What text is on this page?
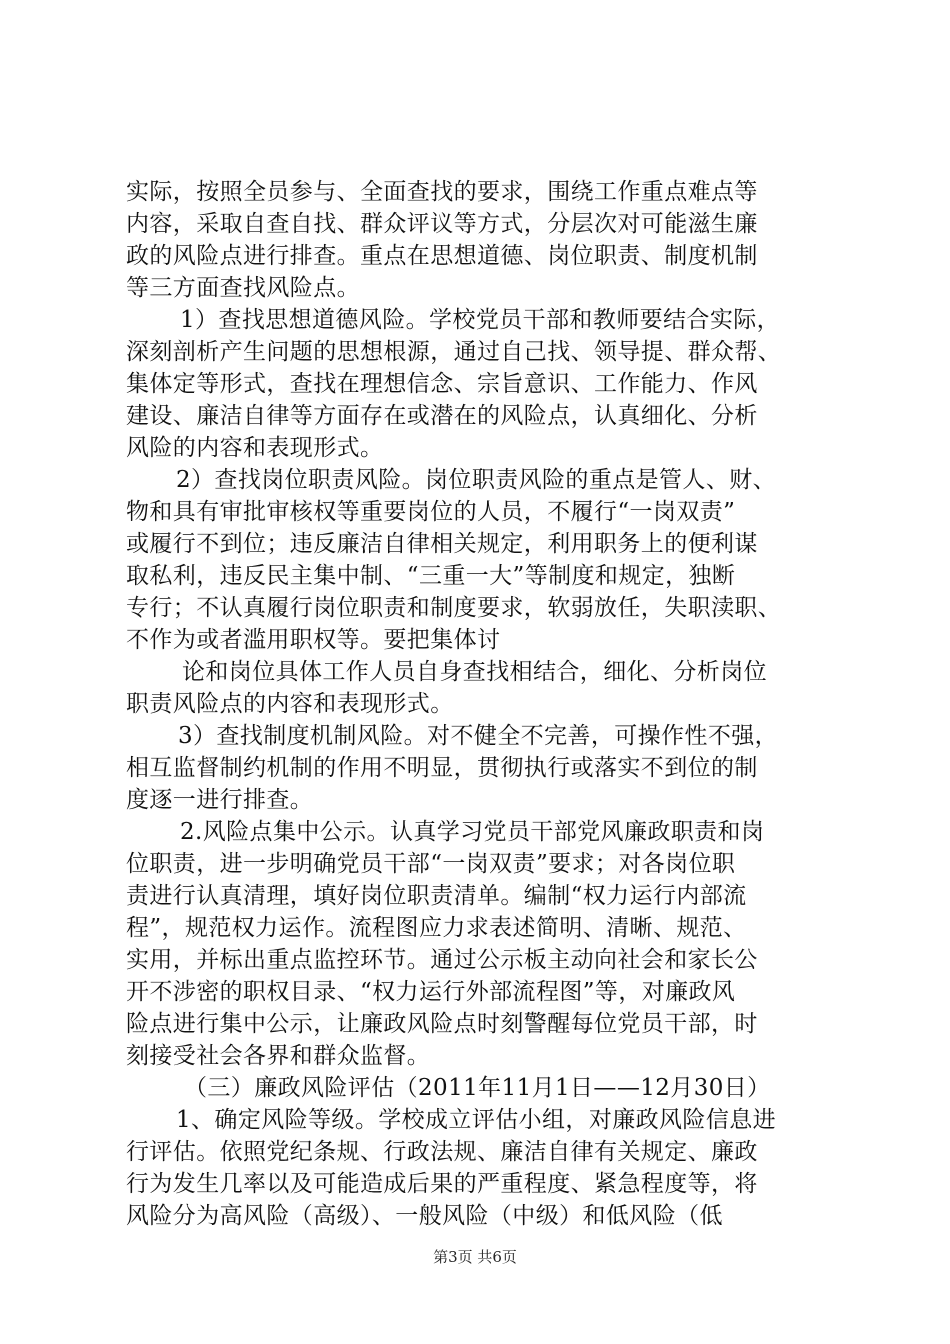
实际，按照全员参与、全面查找的要求，围绕工作重点难点等
内容，采取自查自找、群众评议等方式，分层次对可能滋生廉
政的风险点进行排查。重点在思想道德、岗位职责、制度机制
等三方面查找风险点。
1）查找思想道德风险。学校党员干部和教师要结合实际，
深刻剖析产生问题的思想根源，通过自己找、领导提、群众帮、
集体定等形式，查找在理想信念、宗旨意识、工作能力、作风
建设、廉洁自律等方面存在或潜在的风险点，认真细化、分析
风险的内容和表现形式。
2）查找岗位职责风险。岗位职责风险的重点是管人、财、
物和具有审批审核权等重要岗位的人员，不履行“一岗双责”
或履行不到位；违反廉洁自律相关规定，利用职务上的便利谋
取私利，违反民主集中制、“三重一大”等制度和规定，独断
专行；不认真履行岗位职责和制度要求，软弱放任，失职渎职、
不作为或者滥用职权等。要把集体讨
论和岗位具体工作人员自身查找相结合，细化、分析岗位
职责风险点的内容和表现形式。
3）查找制度机制风险。对不健全不完善，可操作性不强，
相互监督制约机制的作用不明显，贯彻执行或落实不到位的制
度逐一进行排查。
2.风险点集中公示。认真学习党员干部党风廉政职责和岗
位职责，进一步明确党员干部“一岗双责”要求；对各岗位职
责进行认真清理，填好岗位职责清单。编制“权力运行内部流
程”，规范权力运作。流程图应力求表述简明、清晰、规范、
实用，并标出重点监控环节。通过公示板主动向社会和家长公
开不涉密的职权目录、“权力运行外部流程图”等，对廉政风
险点进行集中公示，让廉政风险点时刻警醒每位党员干部，时
刻接受社会各界和群众监督。
（三）廉政风险评估（2011年11月1日——12月30日）
1、确定风险等级。学校成立评估小组，对廉政风险信息进
行评估。依照党纪条规、行政法规、廉洁自律有关规定、廉政
行为发生几率以及可能造成后果的严重程度、紧急程度等，将
风险分为高风险（高级）、一般风险（中级）和低风险（低
第3页 共6页
